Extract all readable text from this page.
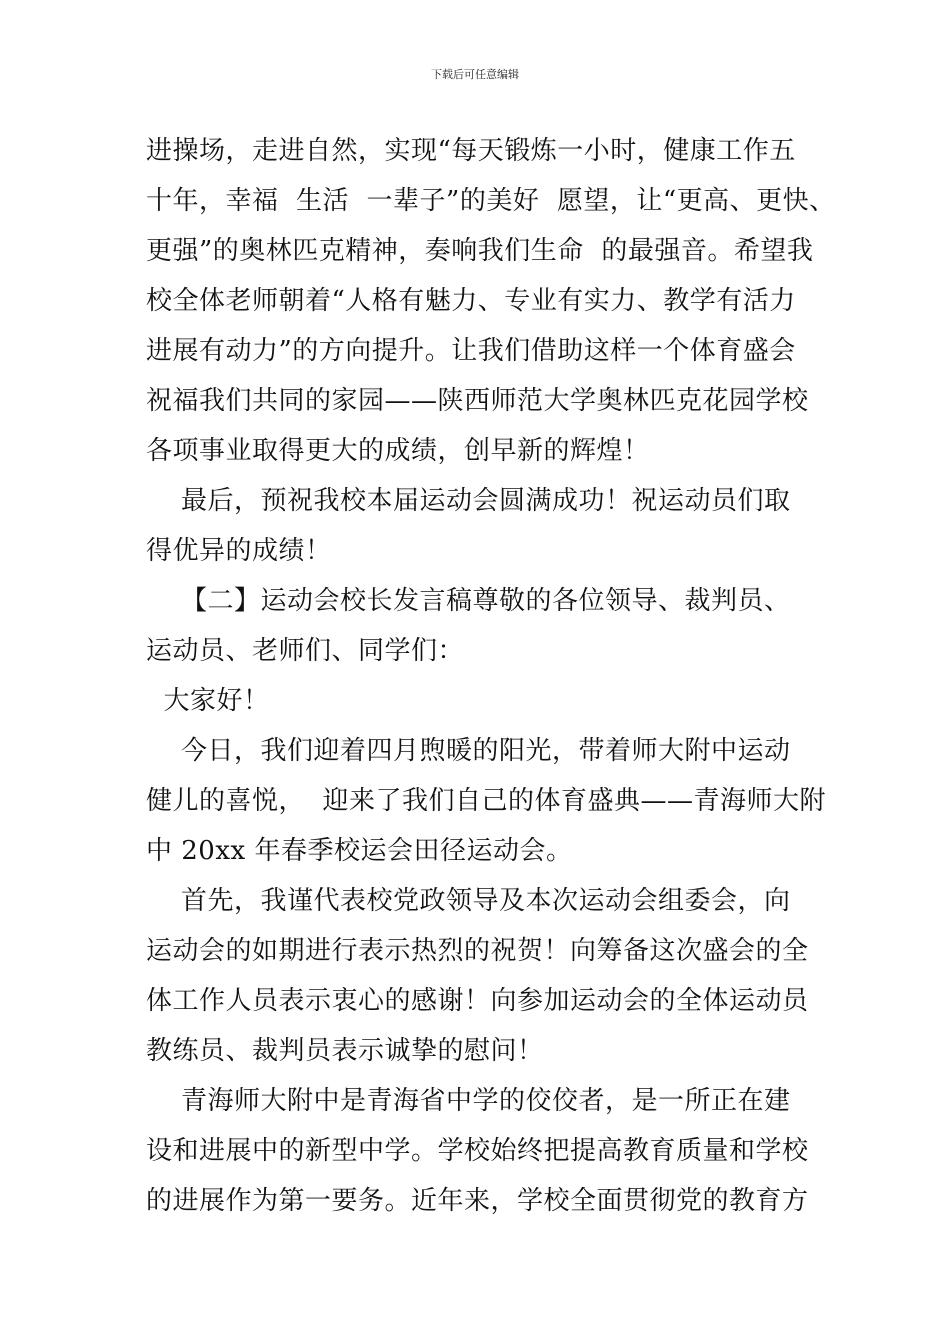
下载后可任意编辑
进操场，走进自然，实现“每天锻炼一小时，健康工作五
十年，幸福  生活  一辈子”的美好  愿望，让“更高、更快、
更强”的奥林匹克精神，奏响我们生命  的最强音。希望我
校全体老师朝着“人格有魅力、专业有实力、教学有活力
进展有动力”的方向提升。让我们借助这样一个体育盛会
祝福我们共同的家园——陕西师范大学奥林匹克花园学校
各项事业取得更大的成绩，创早新的辉煌！
最后，预祝我校本届运动会圆满成功！祝运动员们取
得优异的成绩！
【二】运动会校长发言稿尊敬的各位领导、裁判员、
运动员、老师们、同学们：
大家好！
今日，我们迎着四月煦暖的阳光，带着师大附中运动
健儿的喜悦，  迎来了我们自己的体育盛典——青海师大附
中 20xx 年春季校运会田径运动会。
首先，我谨代表校党政领导及本次运动会组委会，向
运动会的如期进行表示热烈的祝贺！向筹备这次盛会的全
体工作人员表示衷心的感谢！向参加运动会的全体运动员
教练员、裁判员表示诚挚的慰问！
青海师大附中是青海省中学的佼佼者，是一所正在建
设和进展中的新型中学。学校始终把提高教育质量和学校
的进展作为第一要务。近年来，学校全面贯彻党的教育方
